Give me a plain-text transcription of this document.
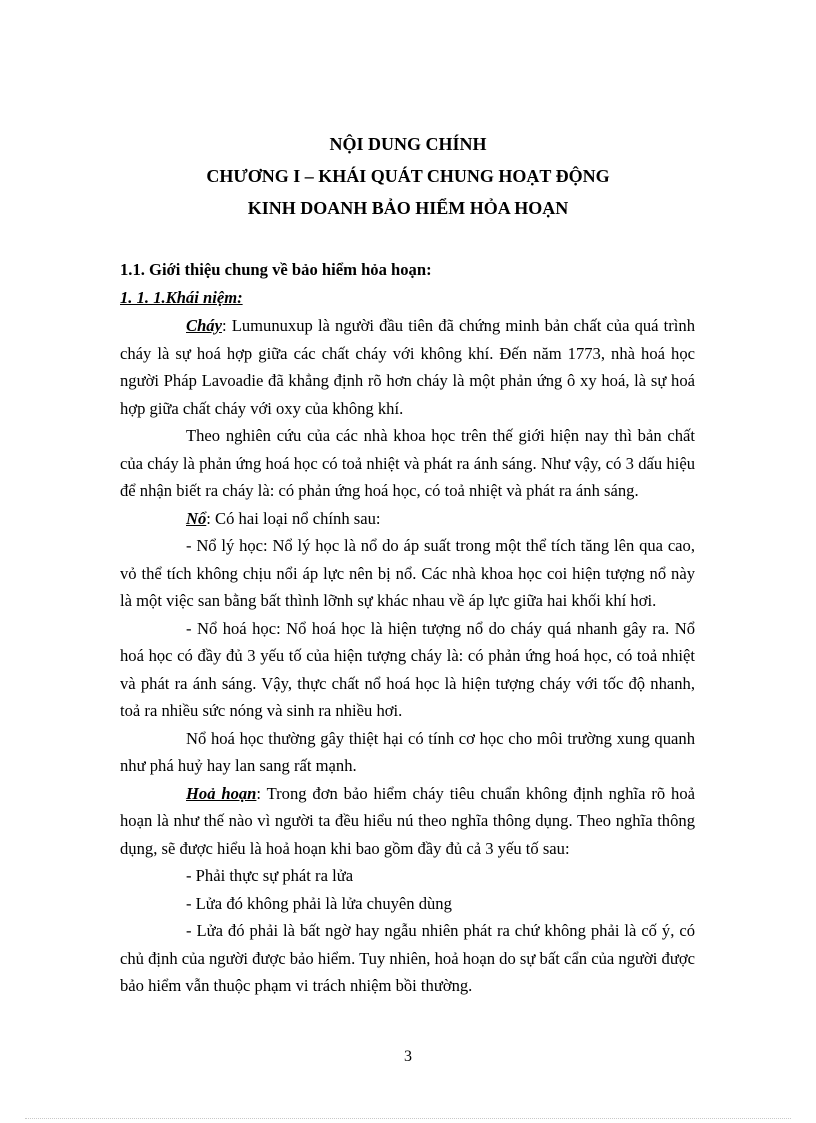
NỘI DUNG CHÍNH
CHƯƠNG I – KHÁI QUÁT CHUNG HOẠT ĐỘNG
KINH DOANH BẢO HIỂM HỎA HOẠN
1.1. Giới thiệu chung về bảo hiểm hỏa hoạn:
1. 1. 1.Khái niệm:

Cháy: Lumunuxup là người đầu tiên đã chứng minh bản chất của quá trình cháy là sự hoá hợp giữa các chất cháy với không khí. Đến năm 1773, nhà hoá học người Pháp Lavoadie đã khẳng định rõ hơn cháy là một phản ứng ô xy hoá, là sự hoá hợp giữa chất cháy với oxy của không khí.

Theo nghiên cứu của các nhà khoa học trên thế giới hiện nay thì bản chất của cháy là phản ứng hoá học có toả nhiệt và phát ra ánh sáng. Như vậy, có 3 dấu hiệu để nhận biết ra cháy là: có phản ứng hoá học, có toả nhiệt và phát ra ánh sáng.

Nổ: Có hai loại nổ chính sau:

- Nổ lý học: Nổ lý học là nổ do áp suất trong một thể tích tăng lên qua cao, vỏ thể tích không chịu nổi áp lực nên bị nổ. Các nhà khoa học coi hiện tượng nổ này là một việc san bằng bất thình lỡnh sự khác nhau về áp lực giữa hai khối khí hơi.

- Nổ hoá học: Nổ hoá học là hiện tượng nổ do cháy quá nhanh gây ra. Nổ hoá học có đầy đủ 3 yếu tố của hiện tượng cháy là: có phản ứng hoá học, có toả nhiệt và phát ra ánh sáng. Vậy, thực chất nổ hoá học là hiện tượng cháy với tốc độ nhanh, toả ra nhiều sức nóng và sinh ra nhiều hơi.

Nổ hoá học thường gây thiệt hại có tính cơ học cho môi trường xung quanh như phá huỷ hay lan sang rất mạnh.

Hoả hoạn: Trong đơn bảo hiểm cháy tiêu chuẩn không định nghĩa rõ hoả hoạn là như thế nào vì người ta đều hiểu nú theo nghĩa thông dụng. Theo nghĩa thông dụng, sẽ được hiểu là hoả hoạn khi bao gồm đầy đủ cả 3 yếu tố sau:

- Phải thực sự phát ra lửa

- Lửa đó không phải là lửa chuyên dùng

- Lửa đó phải là bất ngờ hay ngẫu nhiên phát ra chứ không phải là cố ý, có chủ định của người được bảo hiểm. Tuy nhiên, hoả hoạn do sự bất cẩn của người được bảo hiểm vẫn thuộc phạm vi trách nhiệm bồi thường.

3
